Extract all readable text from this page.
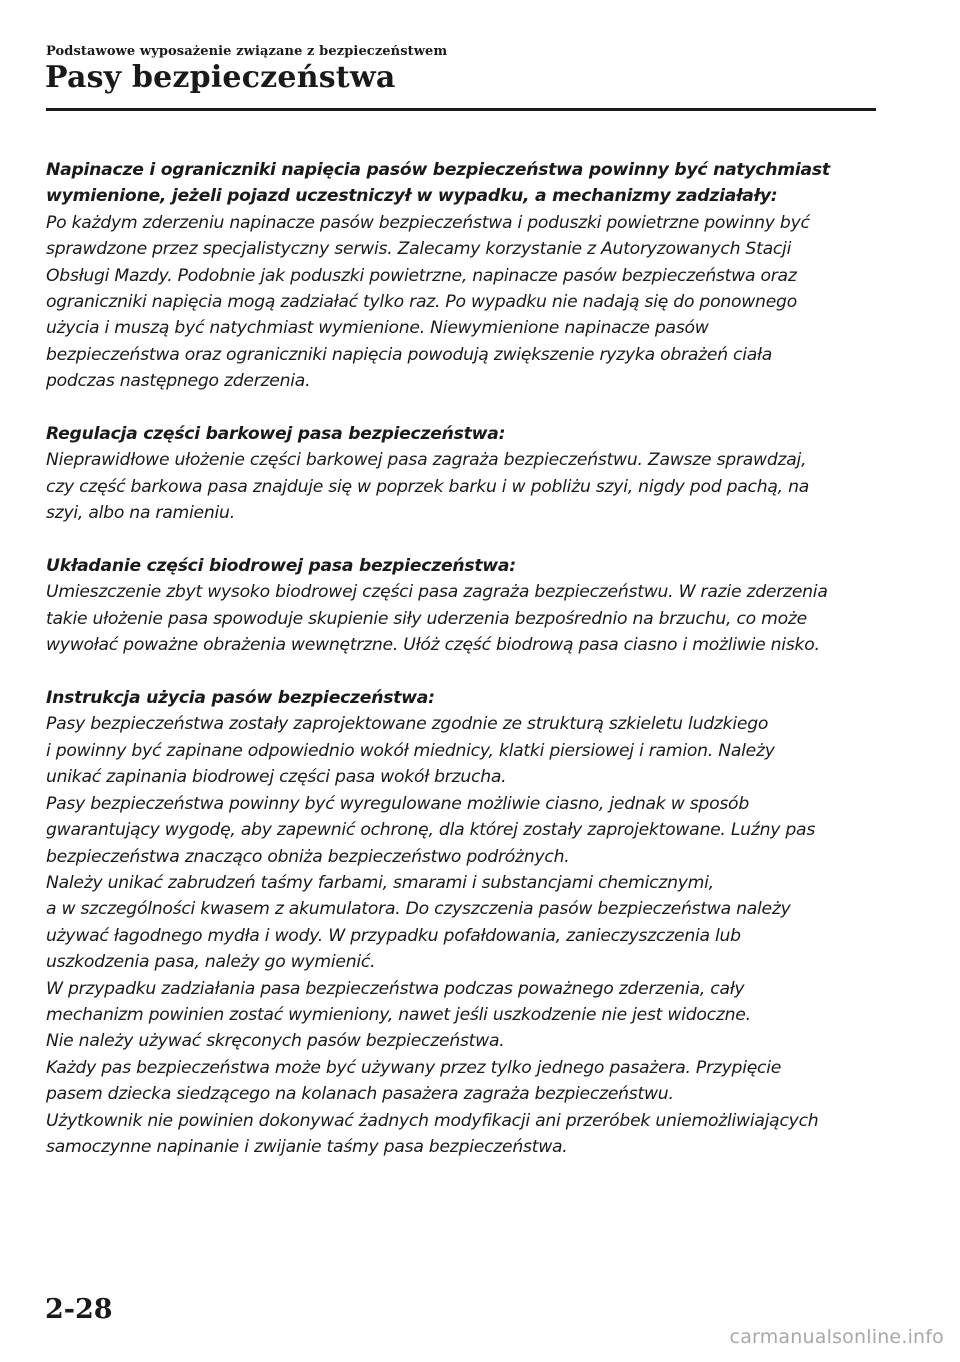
Podstawowe wyposażenie związane z bezpieczeństwem
Pasy bezpieczeństwa
Napinacze i ograniczniki napięcia pasów bezpieczeństwa powinny być natychmiast
wymienione, jeżeli pojazd uczestniczył w wypadku, a mechanizmy zadziałały:
Po każdym zderzeniu napinacze pasów bezpieczeństwa i poduszki powietrzne powinny być
sprawdzone przez specjalistyczny serwis. Zalecamy korzystanie z Autoryzowanych Stacji
Obsługi Mazdy. Podobnie jak poduszki powietrzne, napinacze pasów bezpieczeństwa oraz
ograniczniki napięcia mogą zadziałać tylko raz. Po wypadku nie nadają się do ponownego
użycia i muszą być natychmiast wymienione. Niewymienione napinacze pasów
bezpieczeństwa oraz ograniczniki napięcia powodują zwiększenie ryzyka obrażeń ciała
podczas następnego zderzenia.
Regulacja części barkowej pasa bezpieczeństwa:
Nieprawidłowe ułożenie części barkowej pasa zagraża bezpieczeństwu. Zawsze sprawdzaj,
czy część barkowa pasa znajduje się w poprzek barku i w pobliżu szyi, nigdy pod pachą, na
szyi, albo na ramieniu.
Układanie części biodrowej pasa bezpieczeństwa:
Umieszczenie zbyt wysoko biodrowej części pasa zagraża bezpieczeństwu. W razie zderzenia
takie ułożenie pasa spowoduje skupienie siły uderzenia bezpośrednio na brzuchu, co może
wywołać poważne obrażenia wewnętrzne. Ułóż część biodrową pasa ciasno i możliwie nisko.
Instrukcja użycia pasów bezpieczeństwa:
Pasy bezpieczeństwa zostały zaprojektowane zgodnie ze strukturą szkieletu ludzkiego
i powinny być zapinane odpowiednio wokół miednicy, klatki piersiowej i ramion. Należy
unikać zapinania biodrowej części pasa wokół brzucha.
Pasy bezpieczeństwa powinny być wyregulowane możliwie ciasno, jednak w sposób
gwarantujący wygodę, aby zapewnić ochronę, dla której zostały zaprojektowane. Luźny pas
bezpieczeństwa znacząco obniża bezpieczeństwo podróżnych.
Należy unikać zabrudzeń taśmy farbami, smarami i substancjami chemicznymi,
a w szczególności kwasem z akumulatora. Do czyszczenia pasów bezpieczeństwa należy
używać łagodnego mydła i wody. W przypadku pofałdowania, zanieczyszczenia lub
uszkodzenia pasa, należy go wymienić.
W przypadku zadziałania pasa bezpieczeństwa podczas poważnego zderzenia, cały
mechanizm powinien zostać wymieniony, nawet jeśli uszkodzenie nie jest widoczne.
Nie należy używać skręconych pasów bezpieczeństwa.
Każdy pas bezpieczeństwa może być używany przez tylko jednego pasażera. Przypięcie
pasem dziecka siedzącego na kolanach pasażera zagraża bezpieczeństwu.
Użytkownik nie powinien dokonywać żadnych modyfikacji ani przeróbek uniemożliwiających
samoczynne napinanie i zwijanie taśmy pasa bezpieczeństwa.
2-28
carmanualsonline.info
